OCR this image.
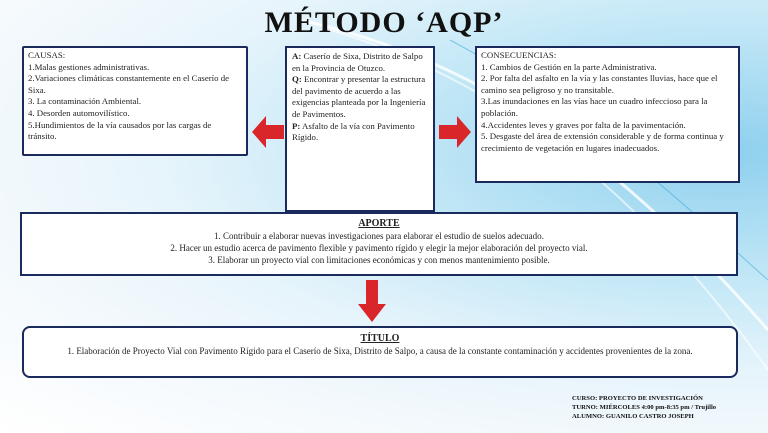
MÉTODO ‘AQP’
CAUSAS:
1.Malas gestiones administrativas.
2.Variaciones climáticas constantemente en el Caserío de Sixa.
3. La contaminación Ambiental.
4. Desorden automovilístico.
5.Hundimientos de la vía causados por las cargas de tránsito.
A: Caserío de Sixa, Distrito de Salpo en la Provincia de Otuzco.
Q: Encontrar y presentar la estructura del pavimento de acuerdo a las exigencias planteada por la Ingeniería de Pavimentos.
P: Asfalto de la vía con Pavimento Rígido.
CONSECUENCIAS:
1. Cambios de Gestión en la parte Administrativa.
2. Por falta del asfalto en la vía y las constantes lluvias, hace que el camino sea peligroso y no transitable.
3.Las inundaciones en las vías hace un cuadro infeccioso para la población.
4.Accidentes leves y graves por falta de la pavimentación.
5. Desgaste del área de extensión considerable y de forma continua y crecimiento de vegetación en lugares inadecuados.
APORTE
1. Contribuir a elaborar nuevas investigaciones para elaborar el estudio de suelos adecuado.
2. Hacer un estudio acerca de pavimento flexible y pavimento rígido y elegir la mejor elaboración del proyecto vial.
3. Elaborar un proyecto vial con limitaciones económicas y con menos mantenimiento posible.
TÍTULO
1. Elaboración de Proyecto Vial con Pavimento Rígido para el Caserío de Sixa, Distrito de Salpo, a causa de la constante contaminación y accidentes provenientes de la zona.
CURSO: PROYECTO DE INVESTIGACIÓN
TURNO: MIÉRCOLES 4:00 pm-8:35 pm / Trujillo
ALUMNO: GUANILO CASTRO JOSEPH
